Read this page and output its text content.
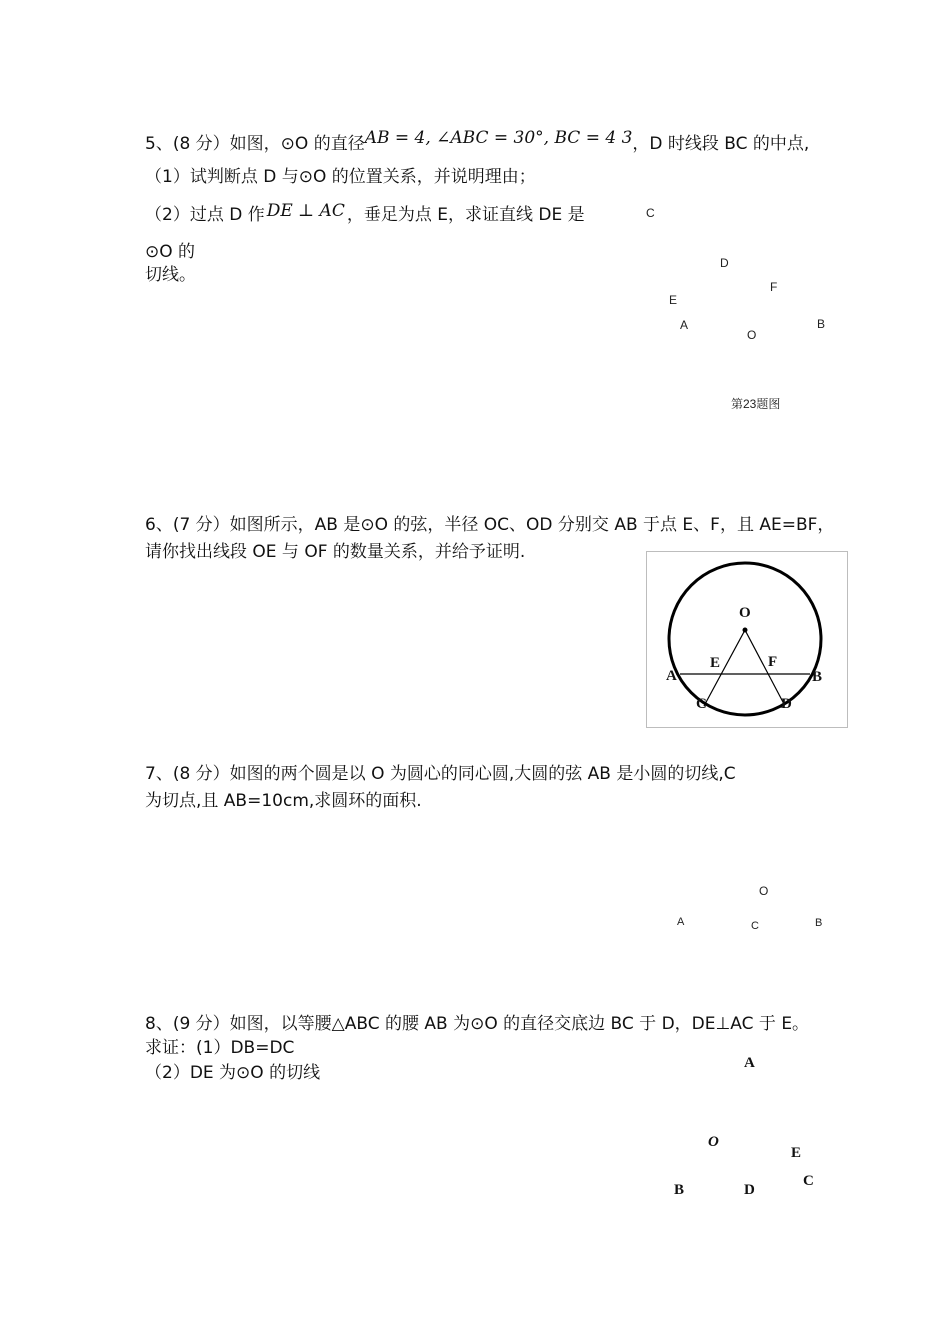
5、(8 分）如图，⊙O 的直径AB = 4, ∠ABC = 30°, BC = 4 3，D 时线段 BC 的中点,
（1）试判断点 D 与⊙O 的位置关系，并说明理由；
（2）过点 D 作 DE ⊥ AC ，垂足为点 E，求证直线 DE 是
⊙O 的
切线。
C
D
F
E
A
O
B
第23题图
6、(7 分）如图所示，AB 是⊙O 的弦，半径 OC、OD 分别交 AB 于点 E、F，且 AE=BF，
请你找出线段 OE 与 OF 的数量关系，并给予证明.
O
E	F
A	B
C	D
7、(8 分）如图的两个圆是以 O 为圆心的同心圆,大圆的弦 AB 是小圆的切线,C
为切点,且 AB=10cm,求圆环的面积.
O
A	C	B
8、(9 分）如图，以等腰△ABC 的腰 AB 为⊙O 的直径交底边 BC 于 D，DE⊥AC 于 E。
求证：(1）DB=DC
（2）DE 为⊙O 的切线	A
O
E
C
B	D
